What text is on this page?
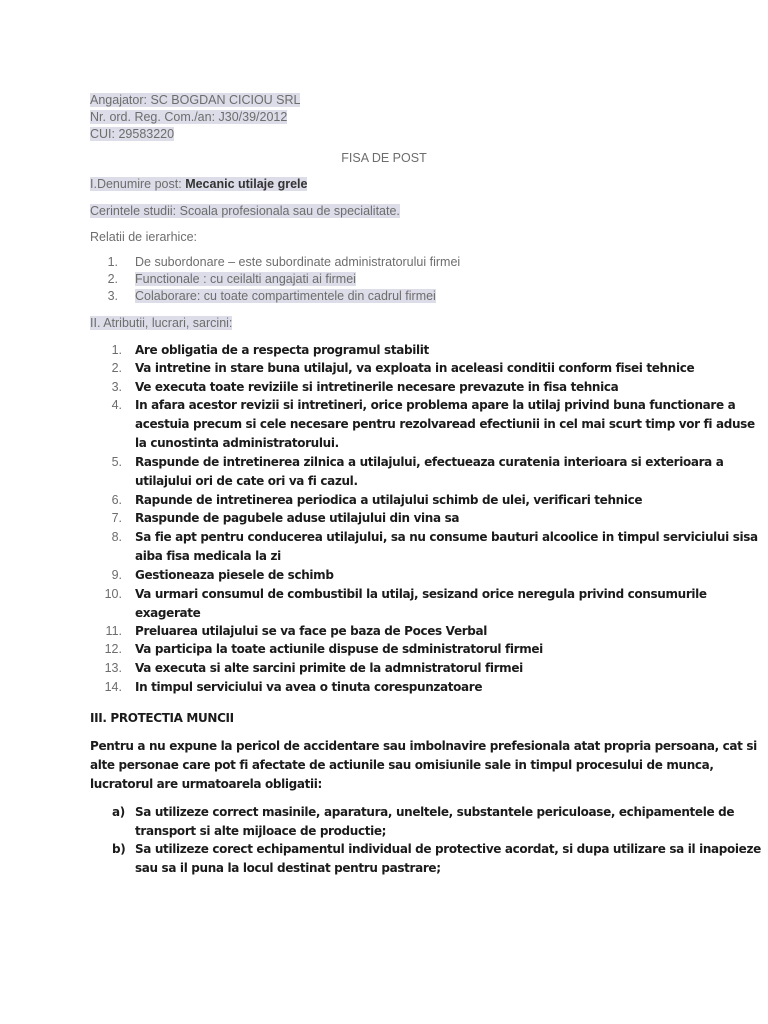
Angajator: SC BOGDAN CICIOU SRL
Nr. ord. Reg. Com./an: J30/39/2012
CUI: 29583220
FISA DE POST
I.Denumire post: Mecanic utilaje grele
Cerintele studii: Scoala profesionala sau de specialitate.
Relatii de ierarhice:
1. De subordonare – este subordinate administratorului firmei
2. Functionale : cu ceilalti angajati ai firmei
3. Colaborare: cu toate compartimentele din cadrul firmei
II. Atributii, lucrari, sarcini:
1. Are obligatia de a respecta programul stabilit
2. Va intretine in stare buna utilajul, va exploata in aceleasi conditii conform fisei tehnice
3. Ve executa toate reviziile si intretinerile necesare prevazute in fisa tehnica
4. In afara acestor revizii si intretineri, orice problema apare la utilaj privind buna functionare a
acestuia precum si cele necesare pentru rezolvaread efectiunii in cel mai scurt timp vor fi aduse
la cunostinta administratorului.
5. Raspunde de intretinerea zilnica a utilajului, efectueaza curatenia interioara si exterioara a
utilajului ori de cate ori va fi cazul.
6. Rapunde de intretinerea periodica a utilajului schimb de ulei, verificari tehnice
7. Raspunde de pagubele aduse utilajului din vina sa
8. Sa fie apt pentru conducerea utilajului, sa nu consume bauturi alcoolice in timpul serviciului sisa
aiba fisa medicala la zi
9. Gestioneaza piesele de schimb
10. Va urmari consumul de combustibil la utilaj, sesizand orice neregula privind consumurile
exagerate
11. Preluarea utilajului se va face pe baza de Poces Verbal
12. Va participa la toate actiunile dispuse de sdministratorul firmei
13. Va executa si alte sarcini primite de la admnistratorul firmei
14. In timpul serviciului va avea o tinuta corespunzatoare
III. PROTECTIA MUNCII
Pentru a nu expune la pericol de accidentare sau imbolnavire prefesionala atat propria persoana, cat si
alte personae care pot fi afectate de actiunile sau omisiunile sale in timpul procesului de munca,
lucratorul are urmatoarela obligatii:
a) Sa utilizeze correct masinile, aparatura, uneltele, substantele periculoase, echipamentele de
transport si alte mijloace de productie;
b) Sa utilizeze corect echipamentul individual de protective acordat, si dupa utilizare sa il inapoieze
sau sa il puna la locul destinat pentru pastrare;
